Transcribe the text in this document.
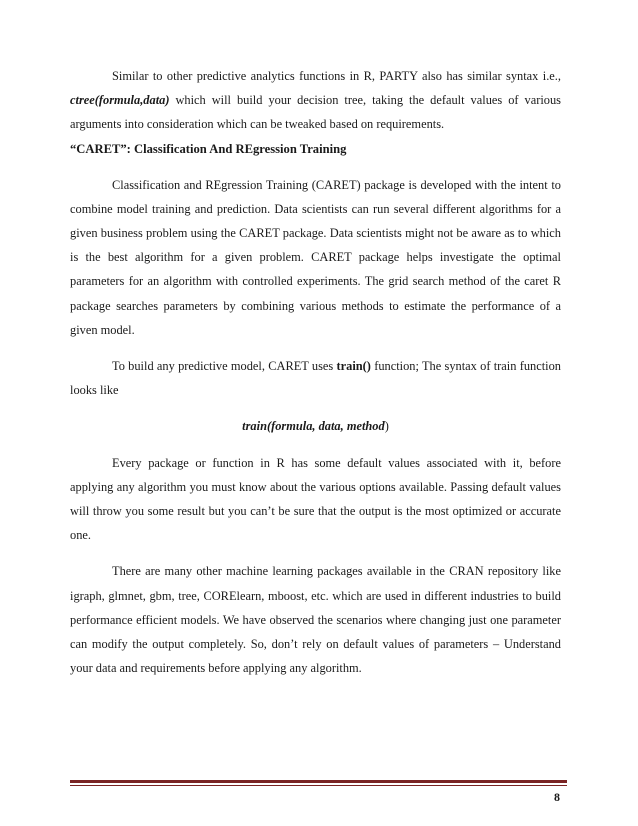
Similar to other predictive analytics functions in R, PARTY also has similar syntax i.e., ctree(formula,data) which will build your decision tree, taking the default values of various arguments into consideration which can be tweaked based on requirements.

“CARET”: Classification And REgression Training

Classification and REgression Training (CARET) package is developed with the intent to combine model training and prediction. Data scientists can run several different algorithms for a given business problem using the CARET package. Data scientists might not be aware as to which is the best algorithm for a given problem. CARET package helps investigate the optimal parameters for an algorithm with controlled experiments. The grid search method of the caret R package searches parameters by combining various methods to estimate the performance of a given model.

To build any predictive model, CARET uses train() function; The syntax of train function looks like

train(formula, data, method)

Every package or function in R has some default values associated with it, before applying any algorithm you must know about the various options available. Passing default values will throw you some result but you can’t be sure that the output is the most optimized or accurate one.

There are many other machine learning packages available in the CRAN repository like igraph, glmnet, gbm, tree, CORElearn, mboost, etc. which are used in different industries to build performance efficient models. We have observed the scenarios where changing just one parameter can modify the output completely. So, don’t rely on default values of parameters – Understand your data and requirements before applying any algorithm.

8
